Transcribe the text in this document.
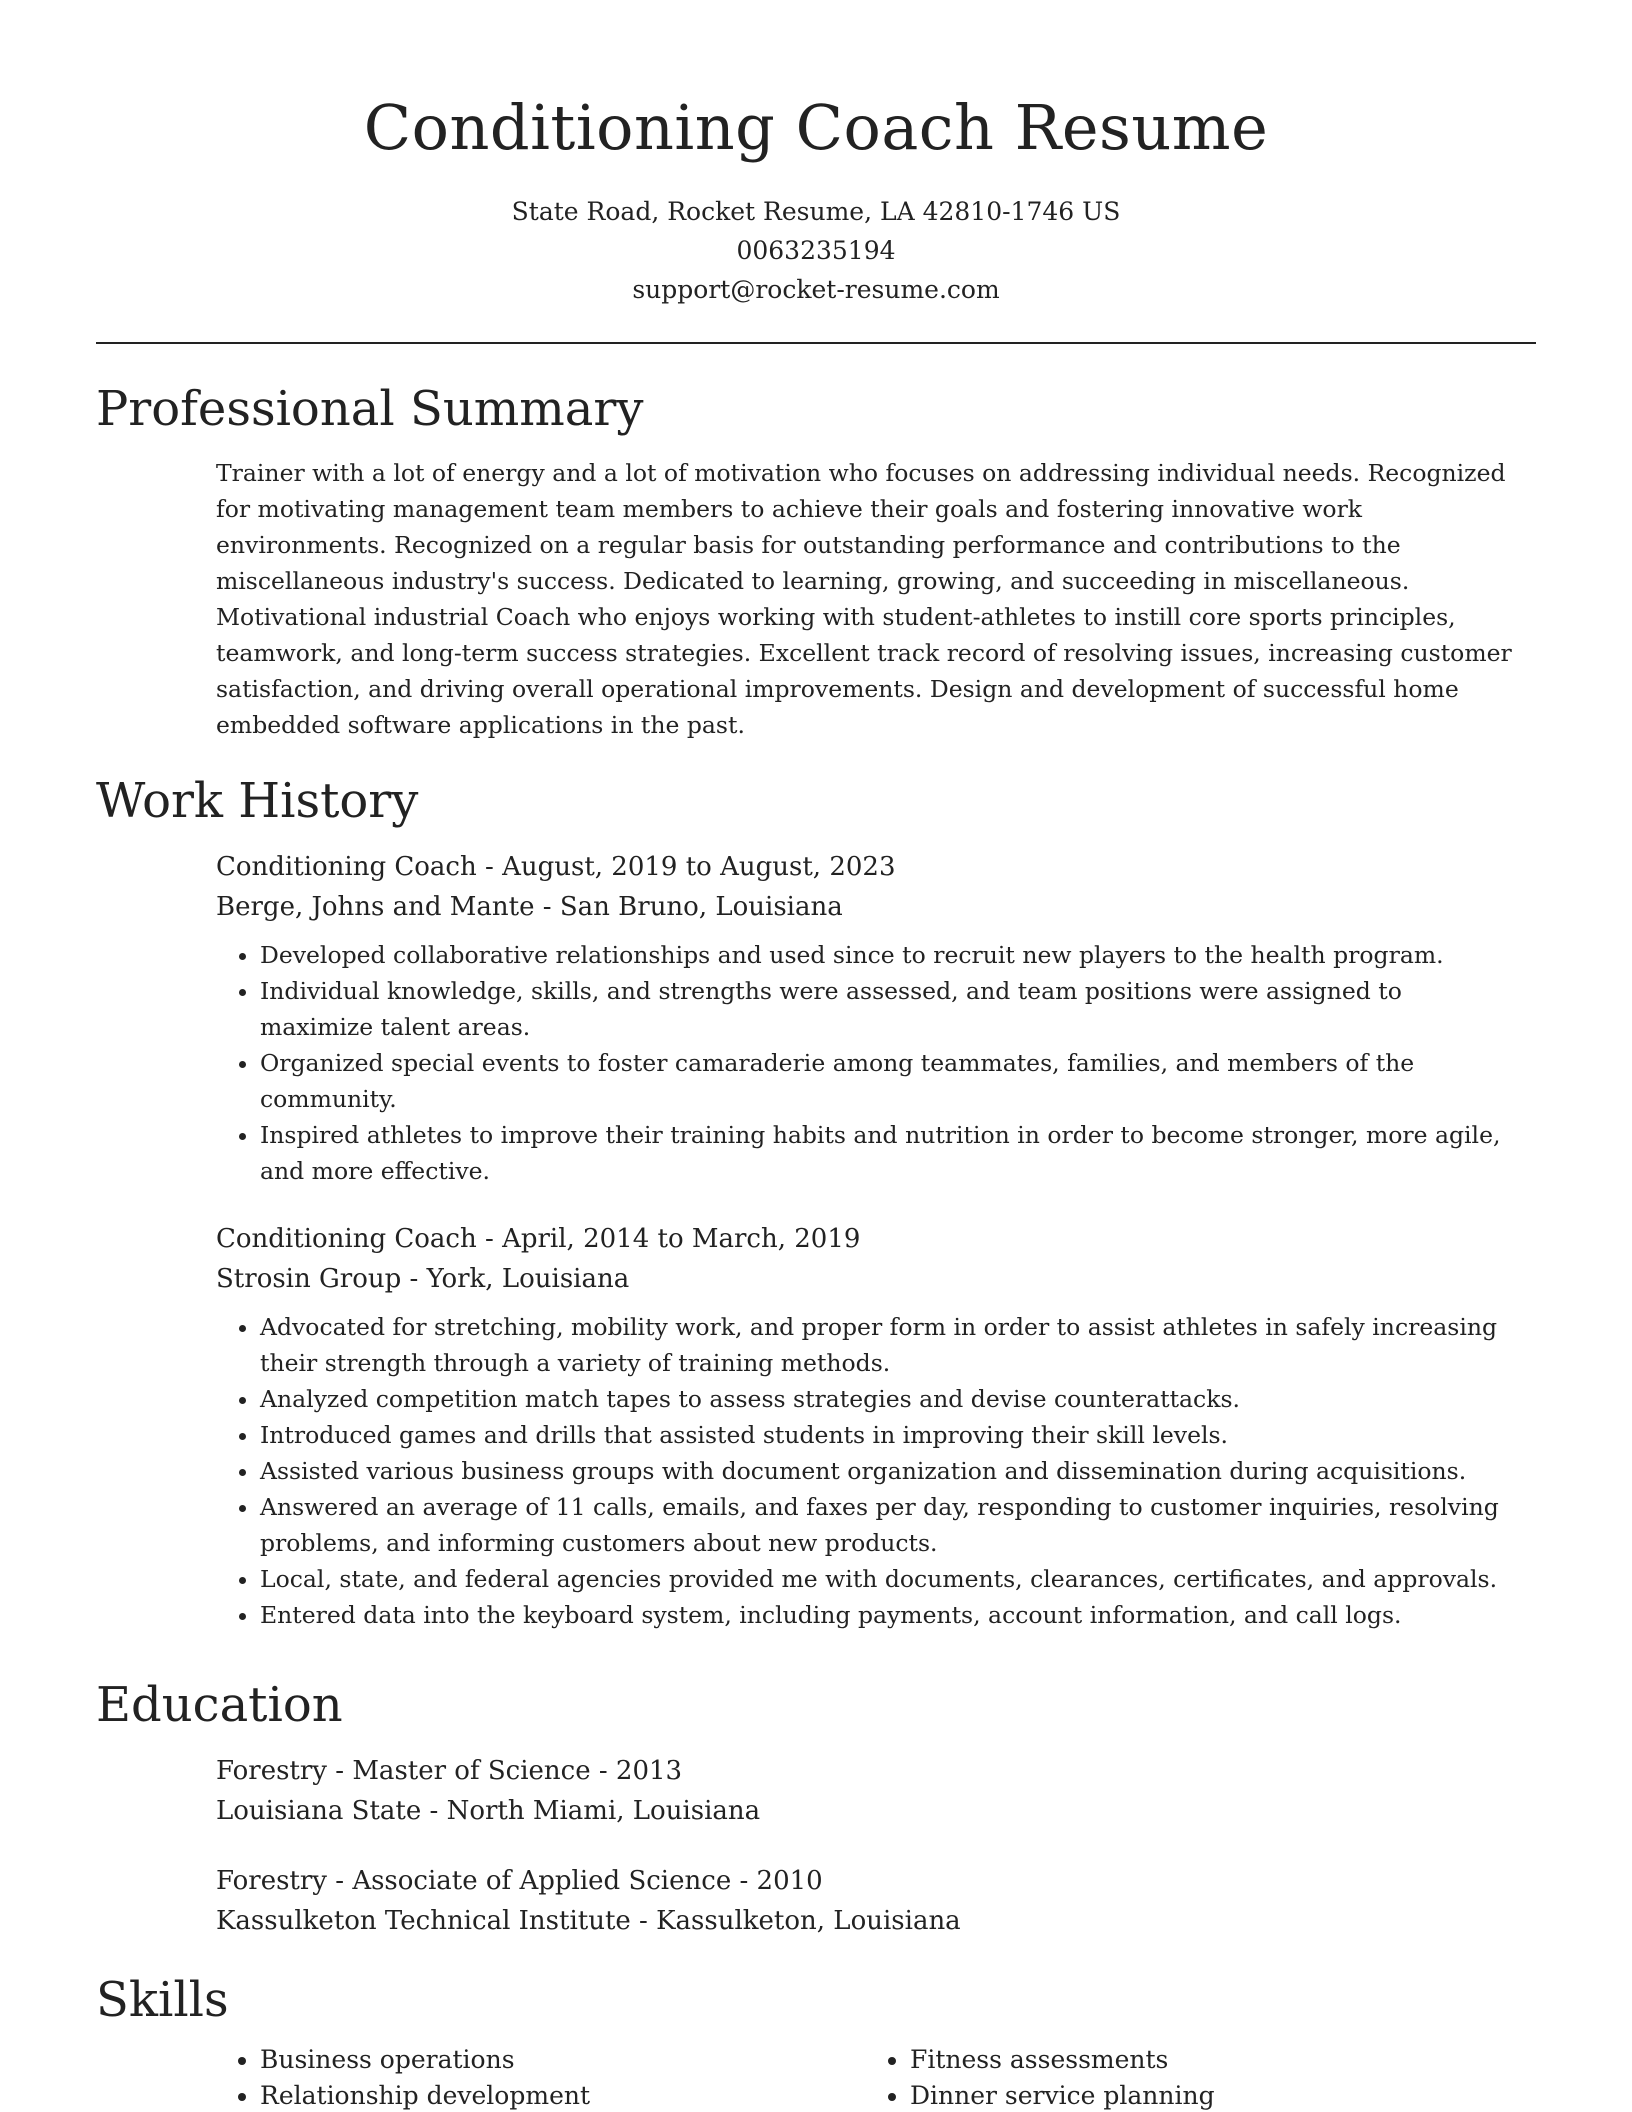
Conditioning Coach Resume
State Road, Rocket Resume, LA 42810-1746 US
0063235194
support@rocket-resume.com
Professional Summary

Trainer with a lot of energy and a lot of motivation who focuses on addressing individual needs. Recognized for motivating management team members to achieve their goals and fostering innovative work environments. Recognized on a regular basis for outstanding performance and contributions to the miscellaneous industry's success. Dedicated to learning, growing, and succeeding in miscellaneous. Motivational industrial Coach who enjoys working with student-athletes to instill core sports principles, teamwork, and long-term success strategies. Excellent track record of resolving issues, increasing customer satisfaction, and driving overall operational improvements. Design and development of successful home embedded software applications in the past.

Work History

Conditioning Coach - August, 2019 to August, 2023

Berge, Johns and Mante - San Bruno, Louisiana

• Developed collaborative relationships and used since to recruit new players to the health program.
• Individual knowledge, skills, and strengths were assessed, and team positions were assigned to maximize talent areas.
• Organized special events to foster camaraderie among teammates, families, and members of the community.
• Inspired athletes to improve their training habits and nutrition in order to become stronger, more agile, and more effective.

Conditioning Coach - April, 2014 to March, 2019

Strosin Group - York, Louisiana

• Advocated for stretching, mobility work, and proper form in order to assist athletes in safely increasing their strength through a variety of training methods.
• Analyzed competition match tapes to assess strategies and devise counterattacks.
• Introduced games and drills that assisted students in improving their skill levels.
• Assisted various business groups with document organization and dissemination during acquisitions.
• Answered an average of 11 calls, emails, and faxes per day, responding to customer inquiries, resolving problems, and informing customers about new products.
• Local, state, and federal agencies provided me with documents, clearances, certificates, and approvals.
• Entered data into the keyboard system, including payments, account information, and call logs.
Education

Forestry - Master of Science - 2013

Louisiana State - North Miami, Louisiana

Forestry - Associate of Applied Science - 2010

Kassulketon Technical Institute - Kassulketon, Louisiana

Skills
• Business operations
• Relationship development
• Fitness assessments
• Dinner service planning
